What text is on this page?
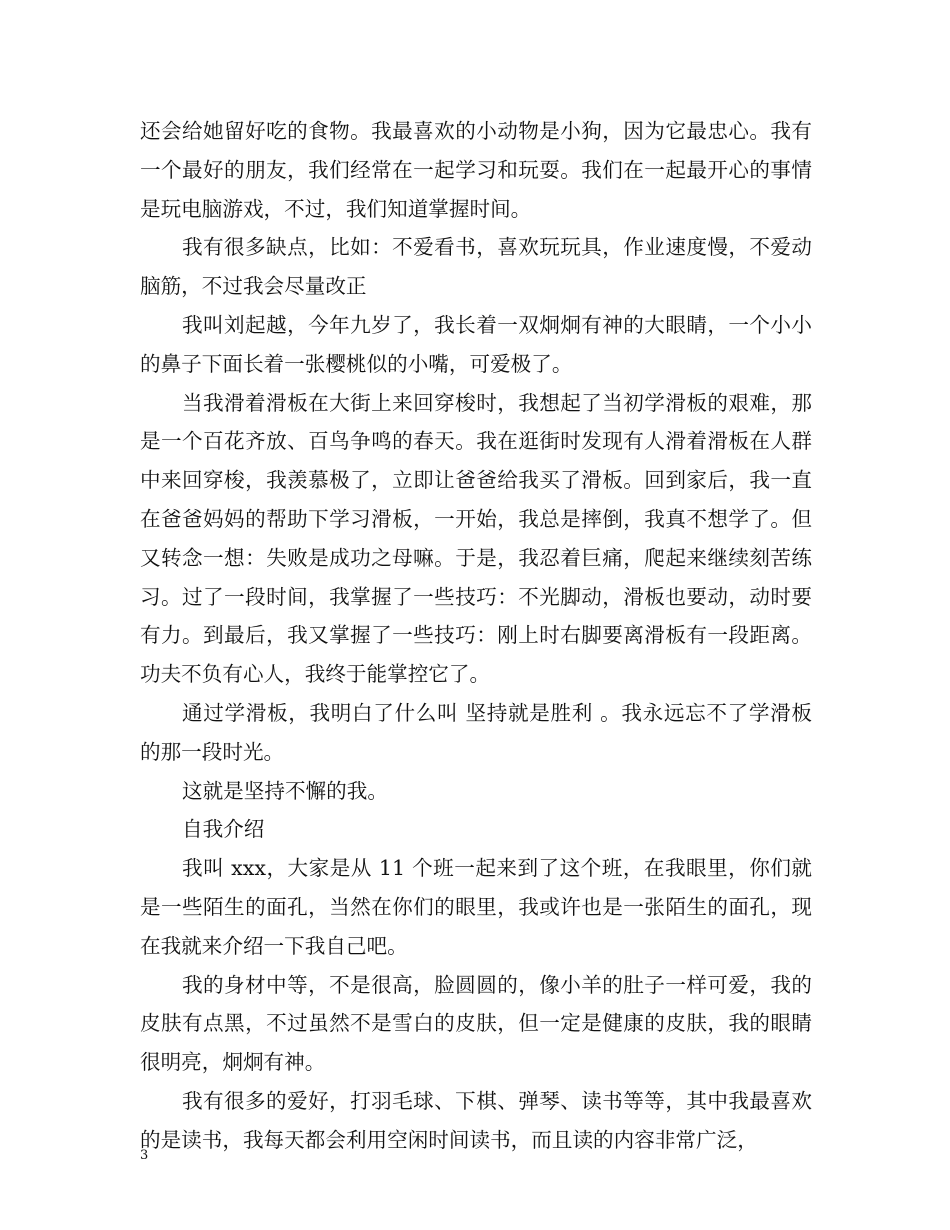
还会给她留好吃的食物。我最喜欢的小动物是小狗，因为它最忠心。我有一个最好的朋友，我们经常在一起学习和玩耍。我们在一起最开心的事情是玩电脑游戏，不过，我们知道掌握时间。

我有很多缺点，比如：不爱看书，喜欢玩玩具，作业速度慢，不爱动脑筋，不过我会尽量改正

我叫刘起越，今年九岁了，我长着一双炯炯有神的大眼睛，一个小小的鼻子下面长着一张樱桃似的小嘴，可爱极了。

当我滑着滑板在大街上来回穿梭时，我想起了当初学滑板的艰难，那是一个百花齐放、百鸟争鸣的春天。我在逛街时发现有人滑着滑板在人群中来回穿梭，我羡慕极了，立即让爸爸给我买了滑板。回到家后，我一直在爸爸妈妈的帮助下学习滑板，一开始，我总是摔倒，我真不想学了。但又转念一想：失败是成功之母嘛。于是，我忍着巨痛，爬起来继续刻苦练习。过了一段时间，我掌握了一些技巧：不光脚动，滑板也要动，动时要有力。到最后，我又掌握了一些技巧：刚上时右脚要离滑板有一段距离。功夫不负有心人，我终于能掌控它了。

通过学滑板，我明白了什么叫 坚持就是胜利 。我永远忘不了学滑板的那一段时光。

这就是坚持不懈的我。

自我介绍

我叫 xxx，大家是从 11 个班一起来到了这个班，在我眼里，你们就是一些陌生的面孔，当然在你们的眼里，我或许也是一张陌生的面孔，现在我就来介绍一下我自己吧。

我的身材中等，不是很高，脸圆圆的，像小羊的肚子一样可爱，我的皮肤有点黑，不过虽然不是雪白的皮肤，但一定是健康的皮肤，我的眼睛很明亮，炯炯有神。

我有很多的爱好，打羽毛球、下棋、弹琴、读书等等，其中我最喜欢的是读书，我每天都会利用空闲时间读书，而且读的内容非常广泛，

3
